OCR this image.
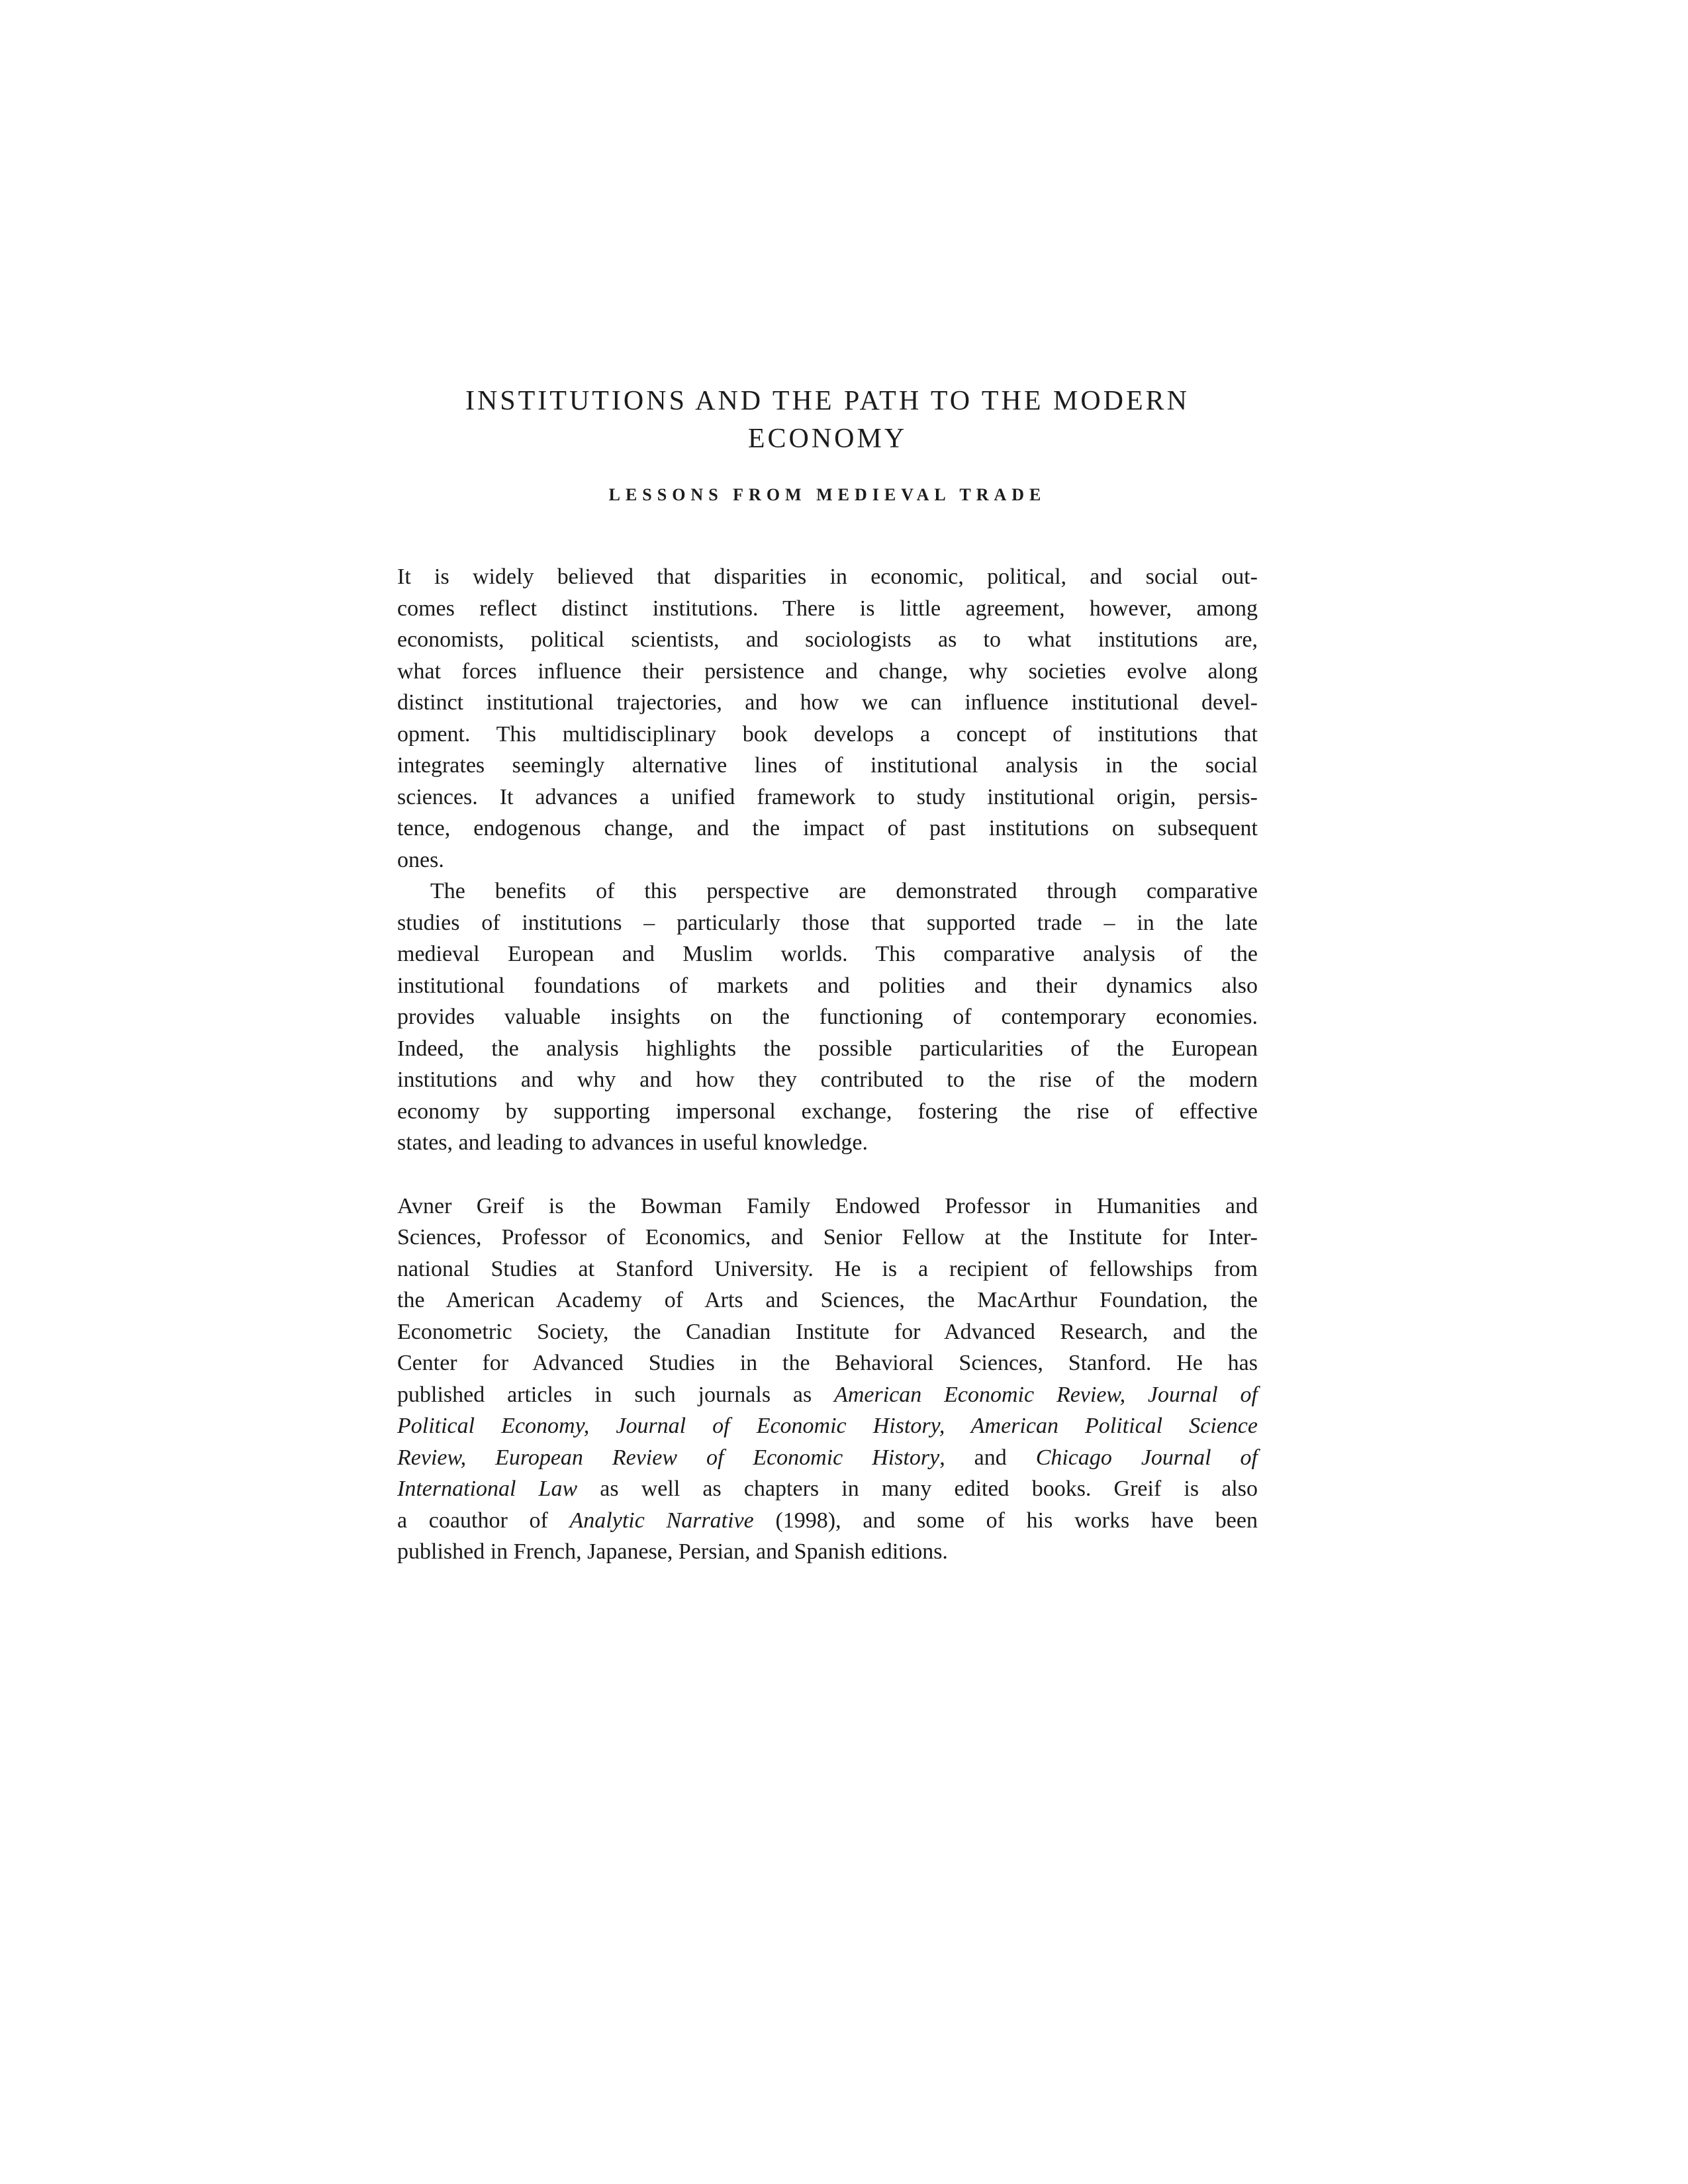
INSTITUTIONS AND THE PATH TO THE MODERN
ECONOMY
LESSONS FROM MEDIEVAL TRADE
It is widely believed that disparities in economic, political, and social out-
comes reflect distinct institutions. There is little agreement, however, among
economists, political scientists, and sociologists as to what institutions are,
what forces influence their persistence and change, why societies evolve along
distinct institutional trajectories, and how we can influence institutional devel-
opment. This multidisciplinary book develops a concept of institutions that
integrates seemingly alternative lines of institutional analysis in the social
sciences. It advances a unified framework to study institutional origin, persis-
tence, endogenous change, and the impact of past institutions on subsequent
ones.
The benefits of this perspective are demonstrated through comparative
studies of institutions – particularly those that supported trade – in the late
medieval European and Muslim worlds. This comparative analysis of the
institutional foundations of markets and polities and their dynamics also
provides valuable insights on the functioning of contemporary economies.
Indeed, the analysis highlights the possible particularities of the European
institutions and why and how they contributed to the rise of the modern
economy by supporting impersonal exchange, fostering the rise of effective
states, and leading to advances in useful knowledge.
Avner Greif is the Bowman Family Endowed Professor in Humanities and
Sciences, Professor of Economics, and Senior Fellow at the Institute for Inter-
national Studies at Stanford University. He is a recipient of fellowships from
the American Academy of Arts and Sciences, the MacArthur Foundation, the
Econometric Society, the Canadian Institute for Advanced Research, and the
Center for Advanced Studies in the Behavioral Sciences, Stanford. He has
published articles in such journals as American Economic Review, Journal of
Political Economy, Journal of Economic History, American Political Science
Review, European Review of Economic History, and Chicago Journal of
International Law as well as chapters in many edited books. Greif is also
a coauthor of Analytic Narrative (1998), and some of his works have been
published in French, Japanese, Persian, and Spanish editions.
